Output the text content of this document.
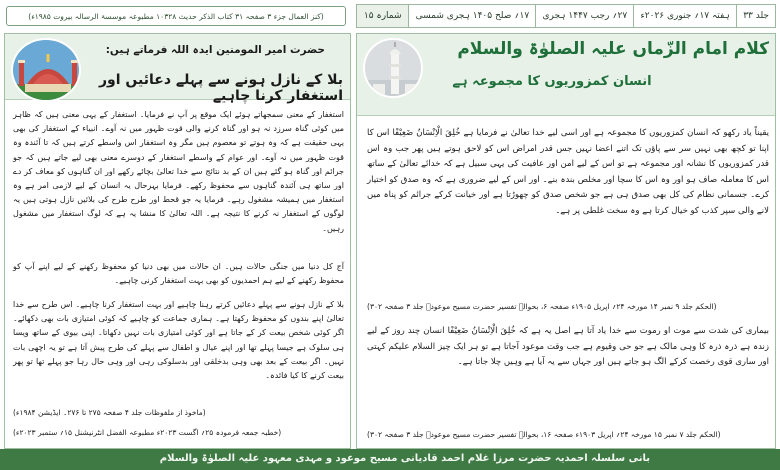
(کنز العمال جزء ۳ صفحہ ۳۱ کتاب الذکر حدیث ۱۰۳۲۸ مطبوعہ موسسۃ الرسالہ بیروت ۱۹۸۵ء)	جلد ۳۳
ہفتہ ۱۷؍ جنوری ۲۰۲۶ء
۲۷؍ رجب ۱۴۴۷ ہجری
۱۷؍ صلح ۱۴۰۵ ہجری شمسی
شمارہ ۱۵
کلام امام الزّماں علیہ الصلوٰۃ والسلام
انسان کمزوریوں کا مجموعہ ہے

یقیناً یاد رکھو کہ انسان کمزوریوں کا مجموعہ ہے اور اسی لیے خدا تعالیٰ نے فرمایا ہے خُلِقَ الْاِنْسَانُ ضَعِیْفًا اس کا اپنا تو کچھ بھی نہیں سر سے پاؤں تک اتنے اعضا نہیں جس قدر امراض اس کو لاحق ہوتے ہیں پھر جب وہ اس قدر کمزوریوں کا نشانہ اور مجموعہ ہے تو اس کے لیے امن اور عافیت کی یہی سبیل ہے کہ خدائے تعالیٰ کے ساتھ اس کا معاملہ صاف ہو اور وہ اس کا سچا اور مخلص بندہ بنے۔ اور اس کے لیے ضروری ہے کہ وہ صدق کو اختیار کرے۔ جسمانی نظام کی کل بھی صدق ہی ہے جو شخص صدق کو چھوڑتا ہے اور خیانت کرکے جرائم کو پناہ میں لانے والی سپر کذب کو خیال کرتا ہے وہ سخت غلطی پر ہے۔

(الحکم جلد ۹ نمبر ۱۴ مورخہ ۲۴؍ اپریل ۱۹۰۵ء صفحہ ۶، بحوالہ تفسیر حضرت مسیح موعودؑ جلد ۳ صفحہ ۳۰۲)

بیماری کی شدت سے موت او رموت سے خدا یاد آتا ہے اصل یہ ہے کہ خُلِقَ الْاِنْسَانُ ضَعِیْفًا انسان چند روز کے لیے زندہ ہے ذرہ ذرہ کا وہی مالک ہے جو حی وقیوم ہے جب وقت موعود آجاتا ہے تو ہر ایک چیز السلام علیکم کہتی اور ساری قوی رخصت کرکے الگ ہو جاتے ہیں اور جہاں سے یہ آیا ہے وہیں چلا جاتا ہے۔

(الحکم جلد ۷ نمبر ۱۵ مورخہ ۲۴؍ اپریل ۱۹۰۳ء صفحہ ۱۶، بحوالہ تفسیر حضرت مسیح موعودؑ جلد ۳ صفحہ ۳۰۲)
حضرت امیر المومنین ایدہ اللہ فرماتے ہیں:
بلا کے نازل ہونے سے پہلے دعائیں اور استغفار کرنا چاہیے

استغفار کے معنی سمجھاتے ہوئے ایک موقع پر آپ نے فرمایا۔ استغفار کے یہی معنی ہیں کہ ظاہر میں کوئی گناہ سرزد نہ ہو اور گناہ کرنے والی قوت ظہور میں نہ آوے۔ انبیاء کے استغفار کی بھی یہی حقیقت ہے کہ وہ ہوتے تو معصوم ہیں مگر وہ استغفار اس واسطے کرتے ہیں کہ تا آئندہ وہ قوت ظہور میں نہ آوے۔ اور عوام کے واسطے استغفار کے دوسرے معنی بھی لیے جاتے ہیں کہ جو جرائم اور گناہ ہو گئے ہیں ان کے بد نتائج سے خدا تعالیٰ بچائے رکھے اور ان گناہوں کو معاف کر دے اور ساتھ ہی آئندہ گناہوں سے محفوظ رکھے۔ فرمایا بہرحال یہ انسان کے لیے لازمی امر ہے وہ استغفار میں ہمیشہ مشغول رہے۔ فرمایا یہ جو قحط اور طرح طرح کی بلائیں نازل ہوتی ہیں یہ لوگوں کے استغفار نہ کرنے کا نتیجہ ہے۔ اللہ تعالیٰ کا منشا یہ ہے کہ لوگ استغفار میں مشغول رہیں۔

آج کل دنیا میں جنگی حالات ہیں۔ ان حالات میں بھی دنیا کو محفوظ رکھنے کے لیے اپنے آپ کو محفوظ رکھنے کے لیے ہم احمدیوں کو بھی بہت استغفار کرنی چاہیے۔

بلا کے نازل ہونے سے پہلے دعائیں کرتے رہنا چاہیے اور بہت استغفار کرنا چاہیے۔ اس طرح سے خدا تعالیٰ اپنے بندوں کو محفوظ رکھتا ہے۔ ہماری جماعت کو چاہیے کہ کوئی امتیازی بات بھی دکھائے۔ اگر کوئی شخص بیعت کر کے جاتا ہے اور کوئی امتیازی بات نہیں دکھاتا۔ اپنی بیوی کے ساتھ ویسا ہی سلوک ہے جیسا پہلے تھا اور اپنے عیال و اطفال سے پہلے کی طرح پیش آتا ہے تو یہ اچھی بات نہیں۔ اگر بیعت کے بعد بھی وہی بدخلقی اور بدسلوکی رہی اور وہی حال رہا جو پہلے تھا تو پھر بیعت کرنے کا کیا فائدہ۔

(ماخوذ از ملفوظات جلد ۴ صفحہ ۲۷۵ تا ۲۷۶۔ ایڈیشن ۱۹۸۴ء)
(خطبہ جمعہ فرمودہ ۲۵؍ اگست ۲۰۲۳ء مطبوعہ الفضل انٹرنیشنل ۱۵؍ ستمبر ۲۰۲۳ء)
بانی سلسلہ احمدیہ حضرت مرزا غلام احمد قادیانی مسیح موعود و مہدی معہود علیہ الصلوٰۃ والسلام
